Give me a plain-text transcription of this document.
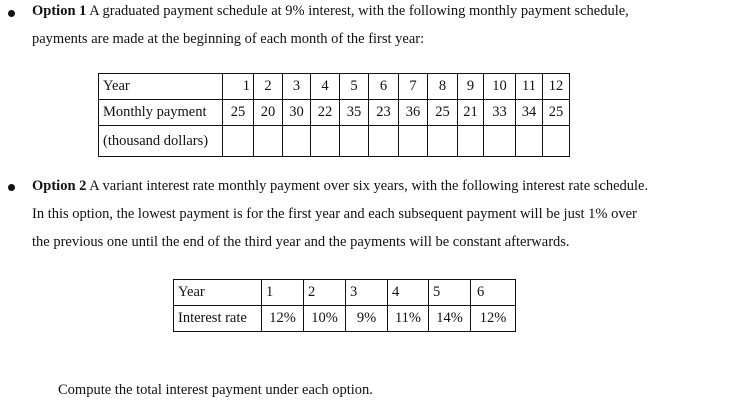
Option 1 A graduated payment schedule at 9% interest, with the following monthly payment schedule,
payments are made at the beginning of each month of the first year:
Year	1	2	3	4	5	6	7	8	9	10	11	12
Monthly payment	25	20	30	22	35	23	36	25	21	33	34	25
(thousand dollars)												
Option 2 A variant interest rate monthly payment over six years, with the following interest rate schedule.
In this option, the lowest payment is for the first year and each subsequent payment will be just 1% over
the previous one until the end of the third year and the payments will be constant afterwards.
Year	1	2	3	4	5	6
Interest rate	12%	10%	9%	11%	14%	12%
Compute the total interest payment under each option.
